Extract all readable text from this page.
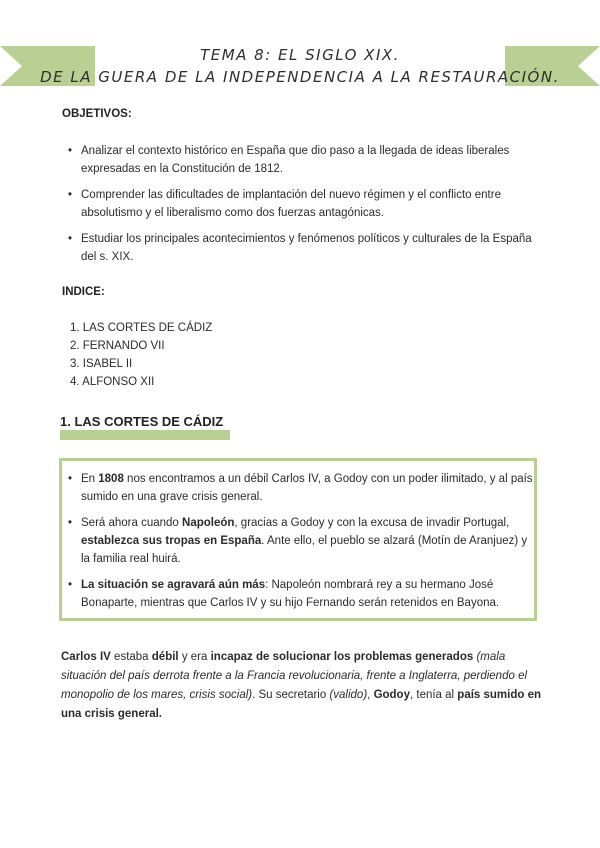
TEMA 8: EL SIGLO XIX.
DE LA GUERA DE LA INDEPENDENCIA A LA RESTAURACIÓN.
OBJETIVOS:
• Analizar el contexto histórico en España que dio paso a la llegada de ideas liberales expresadas en la Constitución de 1812.
• Comprender las dificultades de implantación del nuevo régimen y el conflicto entre absolutismo y el liberalismo como dos fuerzas antagónicas.
• Estudiar los principales acontecimientos y fenómenos políticos y culturales de la España del s. XIX.
INDICE:
1. LAS CORTES DE CÁDIZ
2. FERNANDO VII
3. ISABEL II
4. ALFONSO XII
1. LAS CORTES DE CÁDIZ
• En 1808 nos encontramos a un débil Carlos IV, a Godoy con un poder ilimitado, y al país sumido en una grave crisis general.
• Será ahora cuando Napoleón, gracias a Godoy y con la excusa de invadir Portugal, establezca sus tropas en España. Ante ello, el pueblo se alzará (Motín de Aranjuez) y la familia real huirá.
• La situación se agravará aún más: Napoleón nombrará rey a su hermano José Bonaparte, mientras que Carlos IV y su hijo Fernando serán retenidos en Bayona.
Carlos IV estaba débil y era incapaz de solucionar los problemas generados (mala situación del país derrota frente a la Francia revolucionaria, frente a Inglaterra, perdiendo el monopolio de los mares, crisis social). Su secretario (valido), Godoy, tenía al país sumido en una crisis general.
